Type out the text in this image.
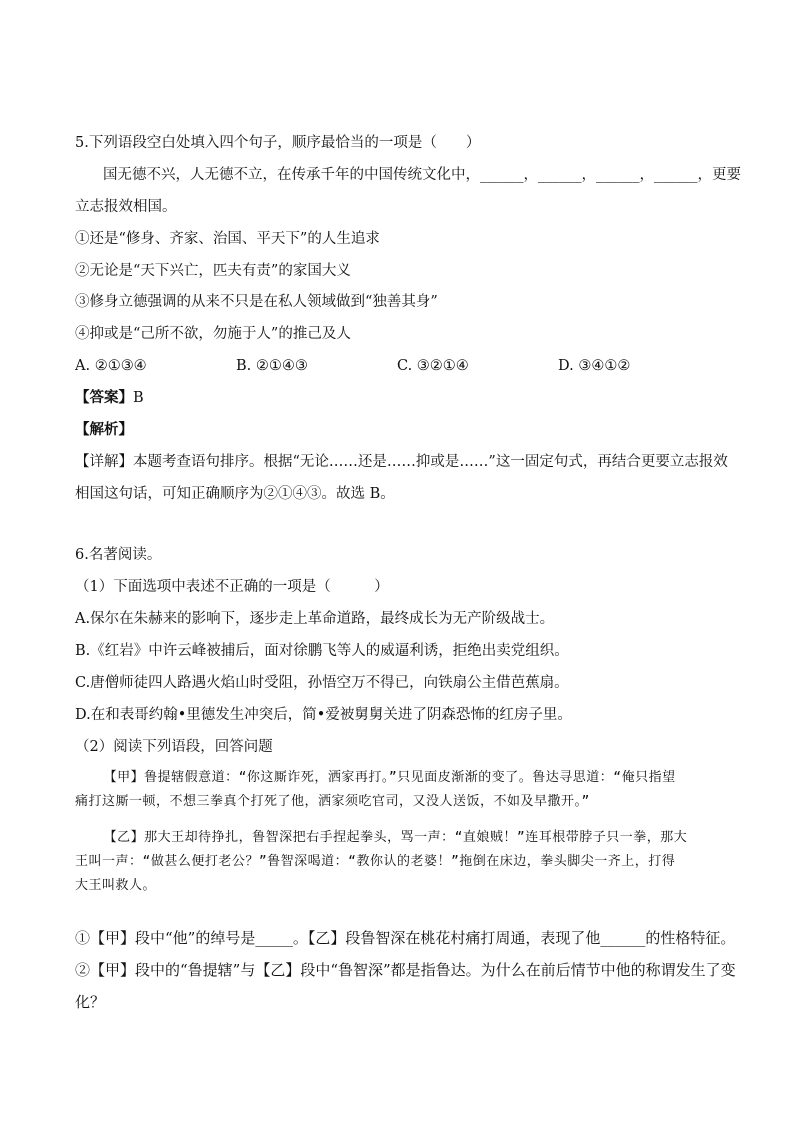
5.下列语段空白处填入四个句子，顺序最恰当的一项是（　　）
国无德不兴，人无德不立，在传承千年的中国传统文化中，______，______，______，______，更要
立志报效相国。
①还是“修身、齐家、治国、平天下”的人生追求
②无论是“天下兴亡，匹夫有责”的家国大义
③修身立德强调的从来不只是在私人领域做到“独善其身”
④抑或是“己所不欲，勿施于人”的推己及人
A. ②①③④	B. ②①④③	C. ③②①④	D. ③④①②
【答案】B
【解析】
【详解】本题考查语句排序。根据“无论……还是……抑或是……”这一固定句式，再结合更要立志报效
相国这句话，可知正确顺序为②①④③。故选 B。
6.名著阅读。
（1）下面选项中表述不正确的一项是（　　　）
A.保尔在朱赫来的影响下，逐步走上革命道路，最终成长为无产阶级战士。
B.《红岩》中许云峰被捕后，面对徐鹏飞等人的威逼利诱，拒绝出卖党组织。
C.唐僧师徒四人路遇火焰山时受阻，孙悟空万不得已，向铁扇公主借芭蕉扇。
D.在和表哥约翰•里德发生冲突后，简•爱被舅舅关进了阴森恐怖的红房子里。
（2）阅读下列语段，回答问题
【甲】鲁提辖假意道：“你这厮诈死，洒家再打。”只见面皮渐渐的变了。鲁达寻思道：“俺只指望
痛打这厮一顿，不想三拳真个打死了他，洒家须吃官司，又没人送饭，不如及早撒开。”
【乙】那大王却待挣扎，鲁智深把右手捏起拳头，骂一声：“直娘贼！”连耳根带脖子只一拳，那大
王叫一声：“做甚么便打老公？”鲁智深喝道：“教你认的老婆！”拖倒在床边，拳头脚尖一齐上，打得
大王叫救人。
①【甲】段中“他”的绰号是_____。【乙】段鲁智深在桃花村痛打周通，表现了他______的性格特征。
②【甲】段中的“鲁提辖”与【乙】段中“鲁智深”都是指鲁达。为什么在前后情节中他的称谓发生了变
化？
